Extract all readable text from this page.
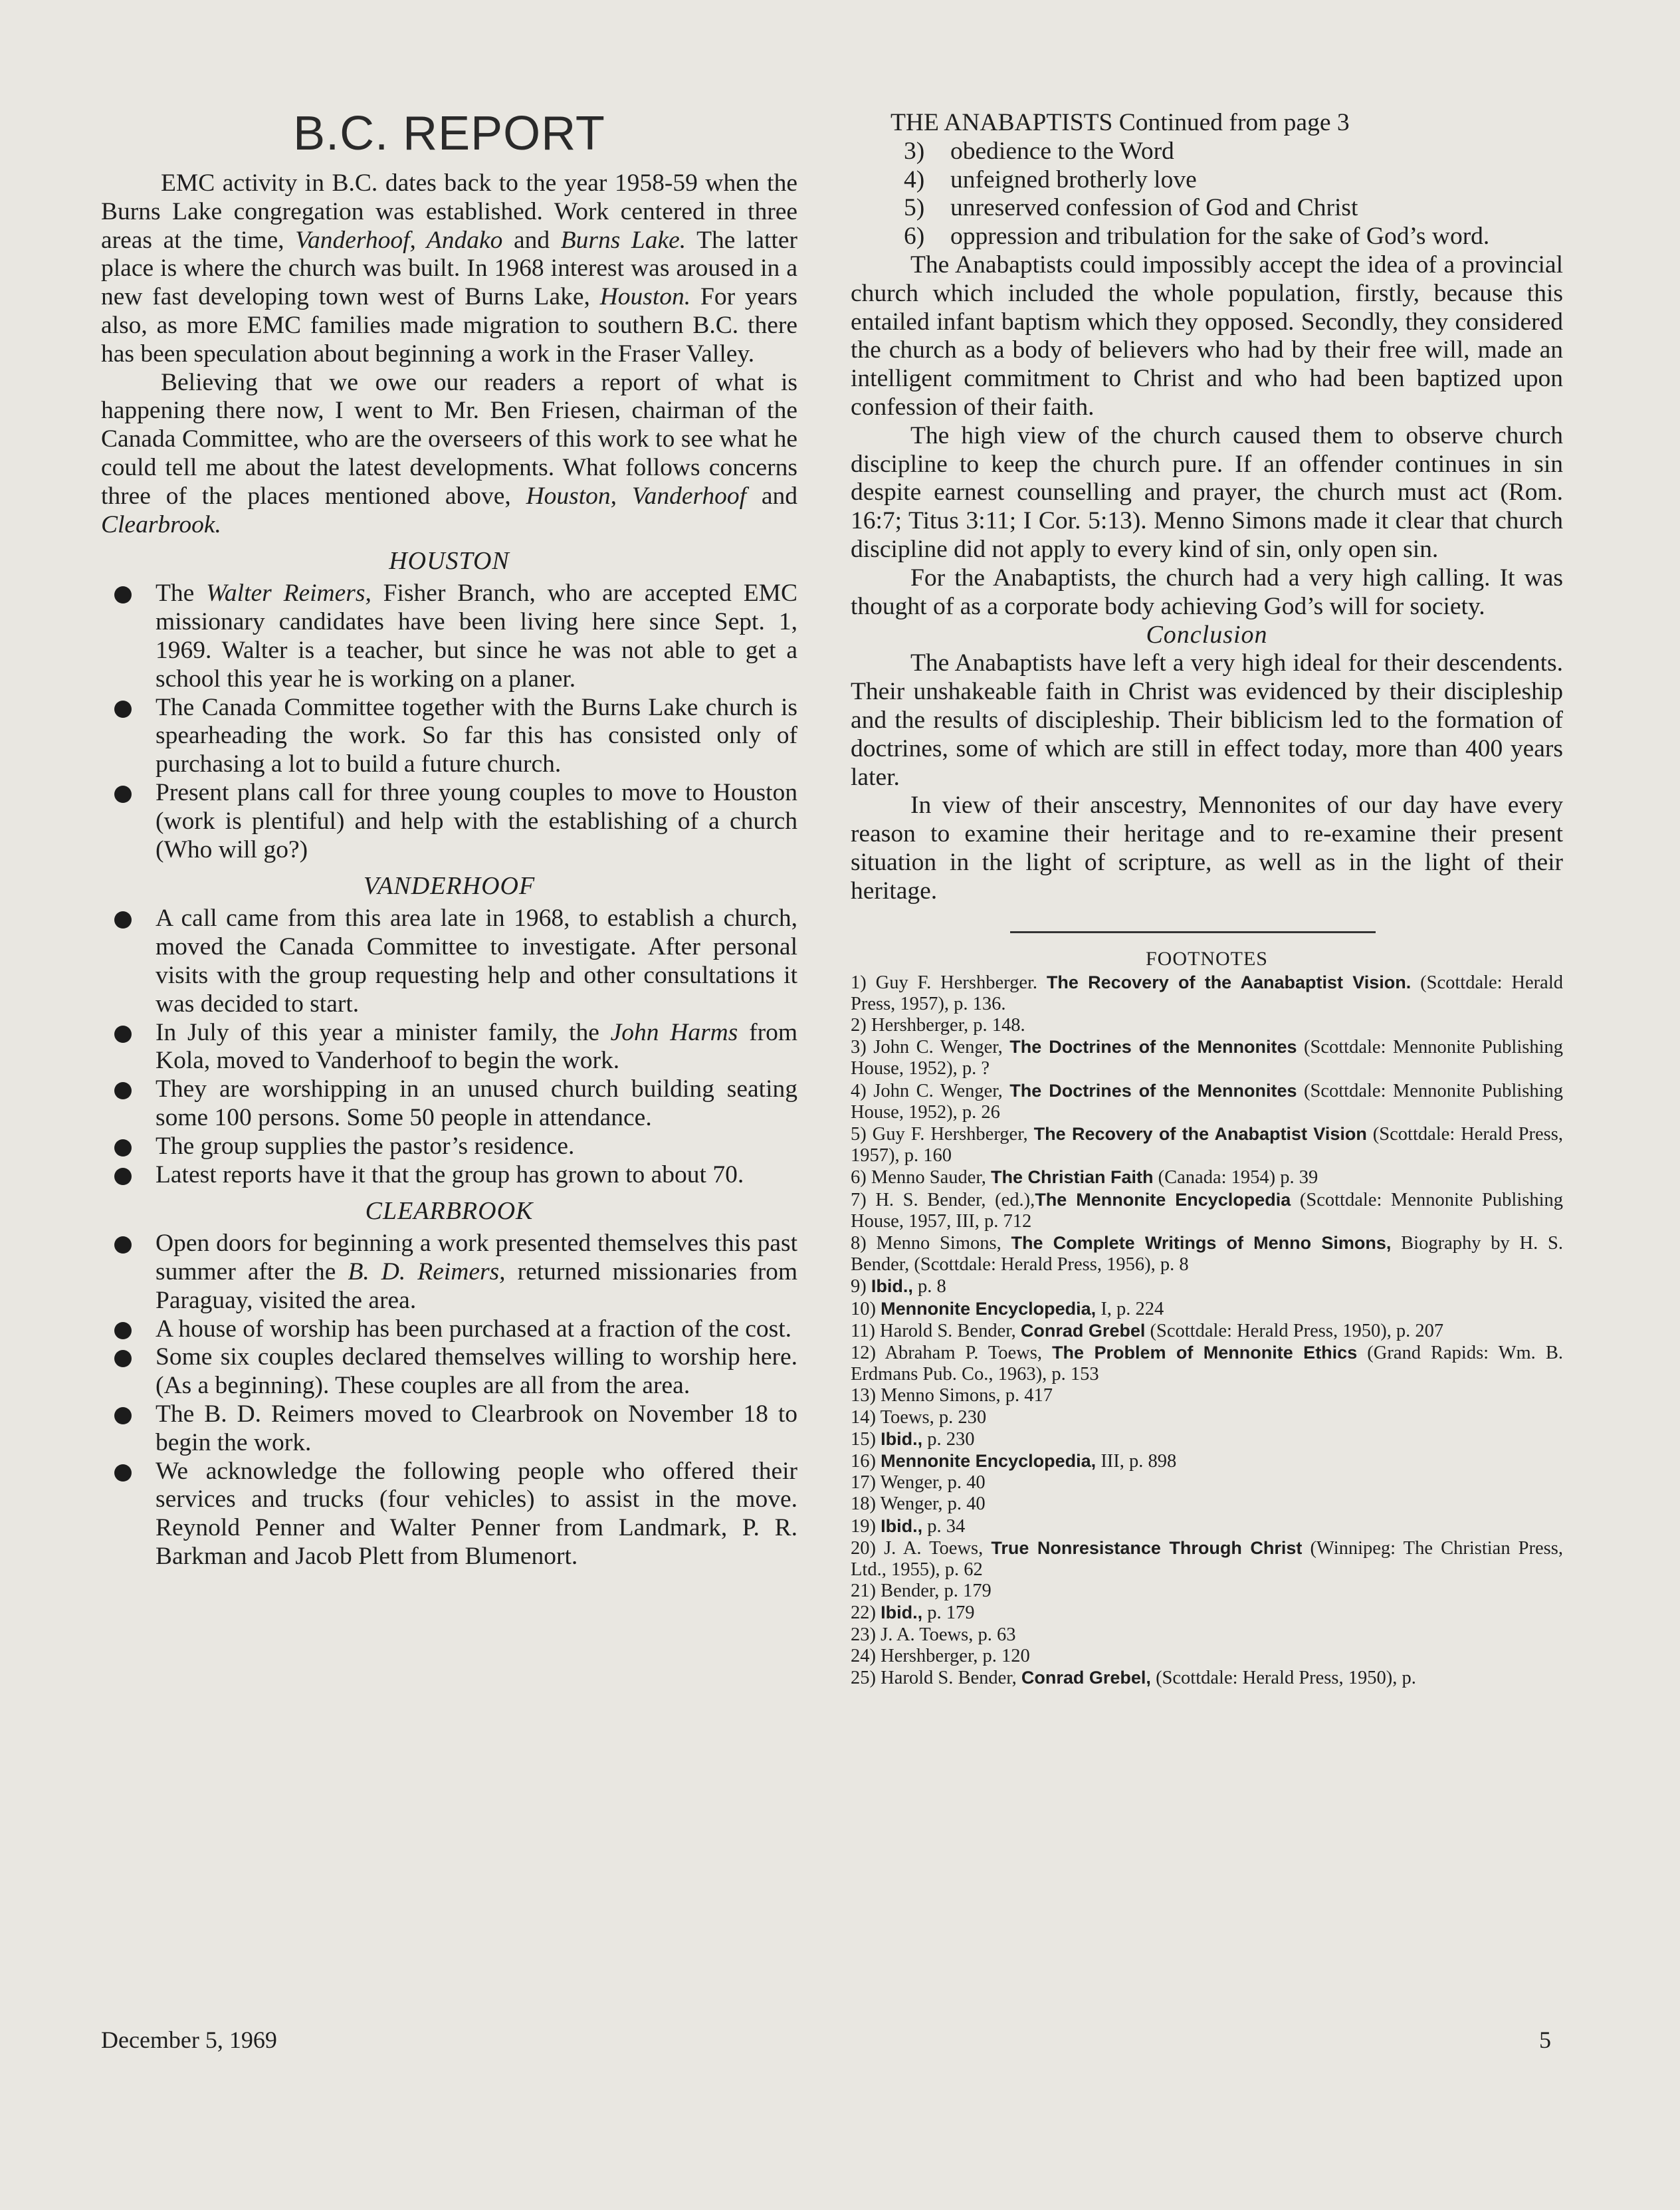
B.C. REPORT

EMC activity in B.C. dates back to the year 1958-59 when the Burns Lake congregation was established. Work centered in three areas at the time, Vanderhoof, Andako and Burns Lake. The latter place is where the church was built. In 1968 interest was aroused in a new fast developing town west of Burns Lake, Houston. For years also, as more EMC families made migration to southern B.C. there has been speculation about beginning a work in the Fraser Valley.

Believing that we owe our readers a report of what is happening there now, I went to Mr. Ben Friesen, chairman of the Canada Committee, who are the overseers of this work to see what he could tell me about the latest developments. What follows concerns three of the places mentioned above, Houston, Vanderhoof and Clearbrook.

HOUSTON
The Walter Reimers, Fisher Branch, who are accepted EMC missionary candidates have been living here since Sept. 1, 1969. Walter is a teacher, but since he was not able to get a school this year he is working on a planer.
The Canada Committee together with the Burns Lake church is spearheading the work. So far this has consisted only of purchasing a lot to build a future church.
Present plans call for three young couples to move to Houston (work is plentiful) and help with the establishing of a church (Who will go?)
VANDERHOOF
A call came from this area late in 1968, to establish a church, moved the Canada Committee to investigate. After personal visits with the group requesting help and other consultations it was decided to start.
In July of this year a minister family, the John Harms from Kola, moved to Vanderhoof to begin the work.
They are worshipping in an unused church building seating some 100 persons. Some 50 people in attendance.
The group supplies the pastor’s residence.
Latest reports have it that the group has grown to about 70.
CLEARBROOK
Open doors for beginning a work presented themselves this past summer after the B. D. Reimers, returned missionaries from Paraguay, visited the area.
A house of worship has been purchased at a fraction of the cost.
Some six couples declared themselves willing to worship here. (As a beginning). These couples are all from the area.
The B. D. Reimers moved to Clearbrook on November 18 to begin the work.
We acknowledge the following people who offered their services and trucks (four vehicles) to assist in the move. Reynold Penner and Walter Penner from Landmark, P. R. Barkman and Jacob Plett from Blumenort.

THE ANABAPTISTS Continued from page 3

3) obedience to the Word
4) unfeigned brotherly love
5) unreserved confession of God and Christ
6) oppression and tribulation for the sake of God’s word.

The Anabaptists could impossibly accept the idea of a provincial church which included the whole population, firstly, because this entailed infant baptism which they opposed. Secondly, they considered the church as a body of believers who had by their free will, made an intelligent commitment to Christ and who had been baptized upon confession of their faith.

The high view of the church caused them to observe church discipline to keep the church pure. If an offender continues in sin despite earnest counselling and prayer, the church must act (Rom. 16:7; Titus 3:11; I Cor. 5:13). Menno Simons made it clear that church discipline did not apply to every kind of sin, only open sin.

For the Anabaptists, the church had a very high calling. It was thought of as a corporate body achieving God’s will for society.

Conclusion

The Anabaptists have left a very high ideal for their descendents. Their unshakeable faith in Christ was evidenced by their discipleship and the results of discipleship. Their biblicism led to the formation of doctrines, some of which are still in effect today, more than 400 years later.

In view of their anscestry, Mennonites of our day have every reason to examine their heritage and to re-examine their present situation in the light of scripture, as well as in the light of their heritage.

FOOTNOTES
1) Guy F. Hershberger. The Recovery of the Aanabaptist Vision. (Scottdale: Herald Press, 1957), p. 136.
2) Hershberger, p. 148.
3) John C. Wenger, The Doctrines of the Mennonites (Scottdale: Mennonite Publishing House, 1952), p. ?
4) John C. Wenger, The Doctrines of the Mennonites (Scottdale: Mennonite Publishing House, 1952), p. 26
5) Guy F. Hershberger, The Recovery of the Anabaptist Vision (Scottdale: Herald Press, 1957), p. 160
6) Menno Sauder, The Christian Faith (Canada: 1954) p. 39
7) H. S. Bender, (ed.),The Mennonite Encyclopedia (Scottdale: Mennonite Publishing House, 1957, III, p. 712
8) Menno Simons, The Complete Writings of Menno Simons, Biography by H. S. Bender, (Scottdale: Herald Press, 1956), p. 8
9) Ibid., p. 8
10) Mennonite Encyclopedia, I, p. 224
11) Harold S. Bender, Conrad Grebel (Scottdale: Herald Press, 1950), p. 207
12) Abraham P. Toews, The Problem of Mennonite Ethics (Grand Rapids: Wm. B. Erdmans Pub. Co., 1963), p. 153
13) Menno Simons, p. 417
14) Toews, p. 230
15) Ibid., p. 230
16) Mennonite Encyclopedia, III, p. 898
17) Wenger, p. 40
18) Wenger, p. 40
19) Ibid., p. 34
20) J. A. Toews, True Nonresistance Through Christ (Winnipeg: The Christian Press, Ltd., 1955), p. 62
21) Bender, p. 179
22) Ibid., p. 179
23) J. A. Toews, p. 63
24) Hershberger, p. 120
25) Harold S. Bender, Conrad Grebel, (Scottdale: Herald Press, 1950), p.
December 5, 1969	5
